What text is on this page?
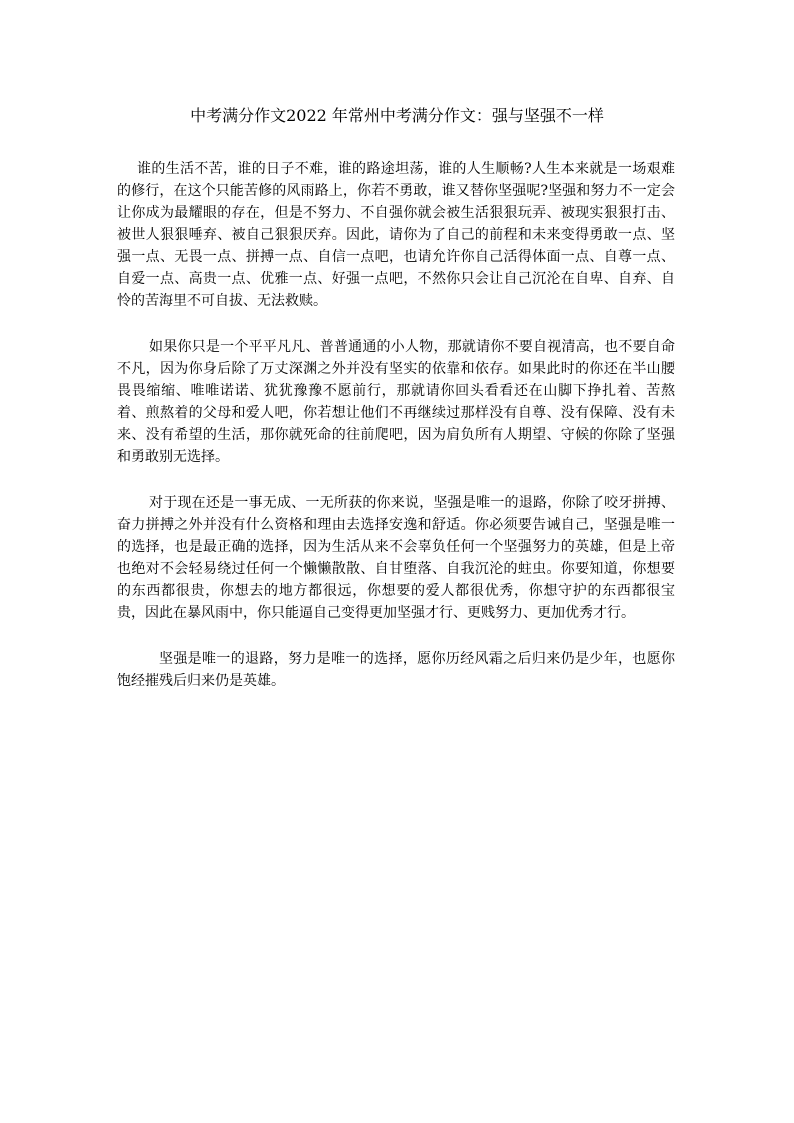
中考满分作文2022 年常州中考满分作文：强与坚强不一样

谁的生活不苦，谁的日子不难，谁的路途坦荡，谁的人生顺畅?人生本来就是一场艰难的修行，在这个只能苦修的风雨路上，你若不勇敢，谁又替你坚强呢?坚强和努力不一定会让你成为最耀眼的存在，但是不努力、不自强你就会被生活狠狠玩弄、被现实狠狠打击、被世人狠狠唾弃、被自己狠狠厌弃。因此，请你为了自己的前程和未来变得勇敢一点、坚强一点、无畏一点、拼搏一点、自信一点吧，也请允许你自己活得体面一点、自尊一点、自爱一点、高贵一点、优雅一点、好强一点吧，不然你只会让自己沉沦在自卑、自弃、自怜的苦海里不可自拔、无法救赎。

如果你只是一个平平凡凡、普普通通的小人物，那就请你不要自视清高，也不要自命不凡，因为你身后除了万丈深渊之外并没有坚实的依靠和依存。如果此时的你还在半山腰畏畏缩缩、唯唯诺诺、犹犹豫豫不愿前行，那就请你回头看看还在山脚下挣扎着、苦熬着、煎熬着的父母和爱人吧，你若想让他们不再继续过那样没有自尊、没有保障、没有未来、没有希望的生活，那你就死命的往前爬吧，因为肩负所有人期望、守候的你除了坚强和勇敢别无选择。

对于现在还是一事无成、一无所获的你来说，坚强是唯一的退路，你除了咬牙拼搏、奋力拼搏之外并没有什么资格和理由去选择安逸和舒适。你必须要告诫自己，坚强是唯一的选择，也是最正确的选择，因为生活从来不会辜负任何一个坚强努力的英雄，但是上帝也绝对不会轻易绕过任何一个懒懒散散、自甘堕落、自我沉沦的蛀虫。你要知道，你想要的东西都很贵，你想去的地方都很远，你想要的爱人都很优秀，你想守护的东西都很宝贵，因此在暴风雨中，你只能逼自己变得更加坚强才行、更贱努力、更加优秀才行。

坚强是唯一的退路，努力是唯一的选择，愿你历经风霜之后归来仍是少年，也愿你饱经摧残后归来仍是英雄。
